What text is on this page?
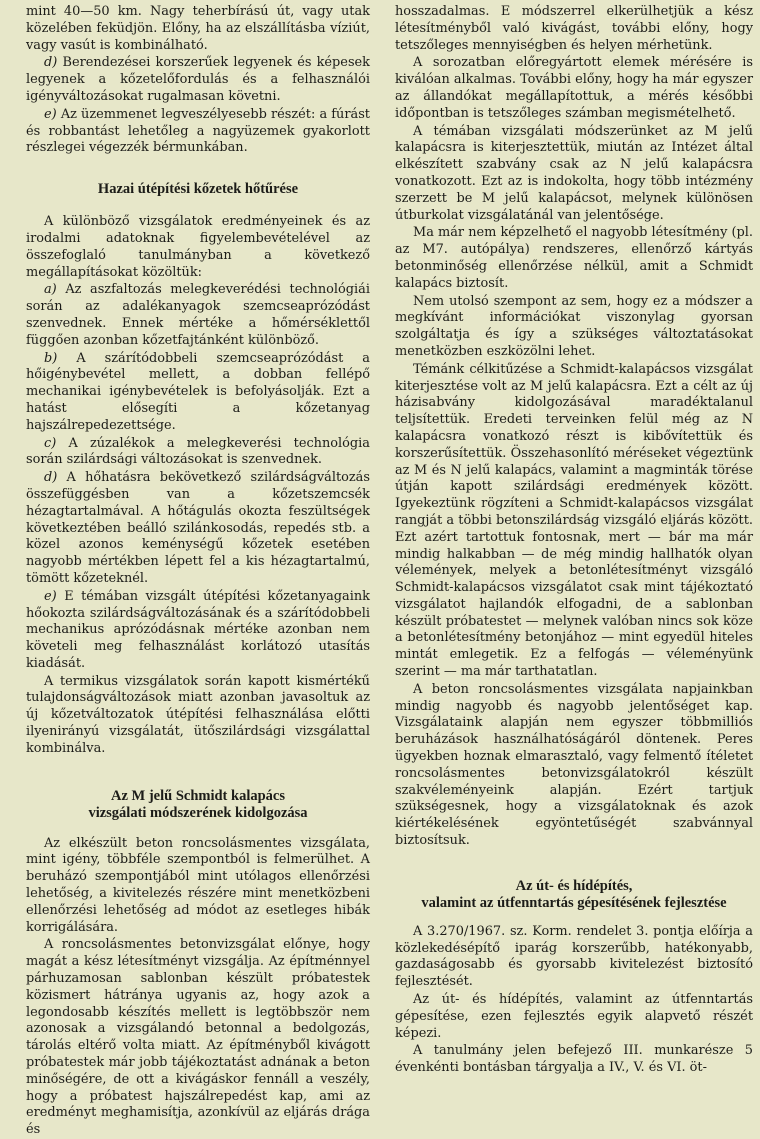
mint 40—50 km. Nagy teherbírású út, vagy utak közelében feküdjön. Előny, ha az elszállításba víziút, vagy vasút is kombinálható.

d) Berendezései korszerűek legyenek és képesek legyenek a kőzetelőfordulás és a felhasználói igényváltozásokat rugalmasan követni.

e) Az üzemmenet legveszélyesebb részét: a fúrást és robbantást lehetőleg a nagyüzemek gyakorlott részlegei végezzék bérmunkában.

Hazai útépítési kőzetek hőtűrése

A különböző vizsgálatok eredményeinek és az irodalmi adatoknak figyelembevételével az összefoglaló tanulmányban a következő megállapításokat közöltük:

a) Az aszfaltozás melegkeverédési technológiái során az adalékanyagok szemcseaprózódást szenvednek. Ennek mértéke a hőmérséklettől függően azonban kőzetfajtánként különböző.

b) A szárítódobbeli szemcseaprózódást a hőigénybevétel mellett, a dobban fellépő mechanikai igénybevételek is befolyásolják. Ezt a hatást elősegíti a kőzetanyag hajszálrepedezettsége.

c) A zúzalékok a melegkeverési technológia során szilárdsági változásokat is szenvednek.

d) A hőhatásra bekövetkező szilárdságváltozás összefüggésben van a kőzetszemcsék hézagtartalmával. A hőtágulás okozta feszültségek következtében beálló szilánkosodás, repedés stb. a közel azonos keménységű kőzetek esetében nagyobb mértékben lépett fel a kis hézagtartalmú, tömött kőzeteknél.

e) E témában vizsgált útépítési kőzetanyagaink hőokozta szilárdságváltozásának és a szárítódobbeli mechanikus aprózódásnak mértéke azonban nem követeli meg felhasználást korlátozó utasítás kiadását.

A termikus vizsgálatok során kapott kismértékű tulajdonságváltozások miatt azonban javasoltuk az új kőzetváltozatok útépítési felhasználása előtti ilyenirányú vizsgálatát, ütőszilárdsági vizsgálattal kombinálva.

Az M jelű Schmidt kalapács
vizsgálati módszerének kidolgozása

Az elkészült beton roncsolásmentes vizsgálata, mint igény, többféle szempontból is felmerülhet. A beruházó szempontjából mint utólagos ellenőrzési lehetőség, a kivitelezés részére mint menetközbeni ellenőrzési lehetőség ad módot az esetleges hibák korrigálására.

A roncsolásmentes betonvizsgálat előnye, hogy magát a kész létesítményt vizsgálja. Az építménnyel párhuzamosan sablonban készült próbatestek közismert hátránya ugyanis az, hogy azok a legondosabb készítés mellett is legtöbbször nem azonosak a vizsgálandó betonnal a bedolgozás, tárolás eltérő volta miatt. Az építményből kivágott próbatestek már jobb tájékoztatást adnának a beton minőségére, de ott a kivágáskor fennáll a veszély, hogy a próbatest hajszálrepedést kap, ami az eredményt meghamisítja, azonkívül az eljárás drága és

hosszadalmas. E módszerrel elkerülhetjük a kész létesítményből való kivágást, további előny, hogy tetszőleges mennyiségben és helyen mérhetünk.

A sorozatban előregyártott elemek mérésére is kiválóan alkalmas. További előny, hogy ha már egyszer az állandókat megállapítottuk, a mérés későbbi időpontban is tetszőleges számban megismételhető.

A témában vizsgálati módszerünket az M jelű kalapácsra is kiterjesztettük, miután az Intézet által elkészített szabvány csak az N jelű kalapácsra vonatkozott. Ezt az is indokolta, hogy több intézmény szerzett be M jelű kalapácsot, melynek különösen útburkolat vizsgálatánál van jelentősége.

Ma már nem képzelhető el nagyobb létesítmény (pl. az M7. autópálya) rendszeres, ellenőrző kártyás betonminőség ellenőrzése nélkül, amit a Schmidt kalapács biztosít.

Nem utolsó szempont az sem, hogy ez a módszer a megkívánt információkat viszonylag gyorsan szolgáltatja és így a szükséges változtatásokat menetközben eszközölni lehet.

Témánk célkitűzése a Schmidt-kalapácsos vizsgálat kiterjesztése volt az M jelű kalapácsra. Ezt a célt az új házisabvány kidolgozásával maradéktalanul teljsítettük. Eredeti terveinken felül még az N kalapácsra vonatkozó részt is kibővítettük és korszerűsítettük. Összehasonlító méréseket végeztünk az M és N jelű kalapács, valamint a magminták törése útján kapott szilárdsági eredmények között. Igyekeztünk rögzíteni a Schmidt-kalapácsos vizsgálat rangját a többi betonszilárdság vizsgáló eljárás között. Ezt azért tartottuk fontosnak, mert — bár ma már mindig halkabban — de még mindig hallhatók olyan vélemények, melyek a betonlétesítményt vizsgáló Schmidt-kalapácsos vizsgálatot csak mint tájékoztató vizsgálatot hajlandók elfogadni, de a sablonban készült próbatestet — melynek valóban nincs sok köze a betonlétesítmény betonjához — mint egyedül hiteles mintát emlegetik. Ez a felfogás — véleményünk szerint — ma már tarthatatlan.

A beton roncsolásmentes vizsgálata napjainkban mindig nagyobb és nagyobb jelentőséget kap. Vizsgálataink alapján nem egyszer többmilliós beruházások használhatóságáról döntenek. Peres ügyekben hoznak elmarasztaló, vagy felmentő ítéletet roncsolásmentes betonvizsgálatokról készült szakvéleményeink alapján. Ezért tartjuk szükségesnek, hogy a vizsgálatoknak és azok kiértékelésének egyöntetűségét szabvánnyal biztosítsuk.

Az út- és hídépítés,
valamint az útfenntartás gépesítésének fejlesztése

A 3.270/1967. sz. Korm. rendelet 3. pontja előírja a közlekedésépítő iparág korszerűbb, hatékonyabb, gazdaságosabb és gyorsabb kivitelezést biztosító fejlesztését.

Az út- és hídépítés, valamint az útfenntartás gépesítése, ezen fejlesztés egyik alapvető részét képezi.

A tanulmány jelen befejező III. munkarésze 5 évenkénti bontásban tárgyalja a IV., V. és VI. öt-
